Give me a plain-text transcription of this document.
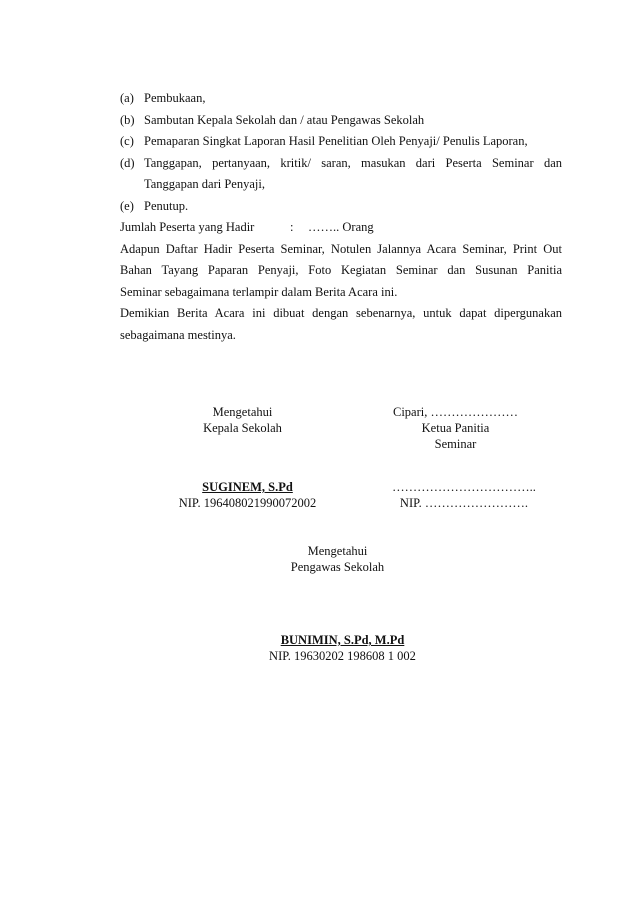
(a) Pembukaan,
(b) Sambutan Kepala Sekolah dan / atau Pengawas Sekolah
(c) Pemaparan Singkat Laporan Hasil Penelitian Oleh Penyaji/ Penulis Laporan,
(d) Tanggapan, pertanyaan, kritik/ saran, masukan dari Peserta Seminar dan
Tanggapan dari Penyaji,
(e) Penutup.
Jumlah Peserta yang Hadir	: …….. Orang
Adapun Daftar Hadir Peserta Seminar, Notulen Jalannya Acara Seminar, Print Out
Bahan Tayang Paparan Penyaji, Foto Kegiatan Seminar dan Susunan Panitia
Seminar sebagaimana terlampir dalam Berita Acara ini.
Demikian Berita Acara ini dibuat dengan sebenarnya, untuk dapat dipergunakan
sebagaimana mestinya.
Mengetahui
Kepala Sekolah
Cipari, …………………
Ketua Panitia
Seminar
SUGINEM, S.Pd
NIP. 196408021990072002
……………………………..
NIP. …………………….
Mengetahui
Pengawas Sekolah
BUNIMIN, S.Pd, M.Pd
NIP. 19630202 198608 1 002
